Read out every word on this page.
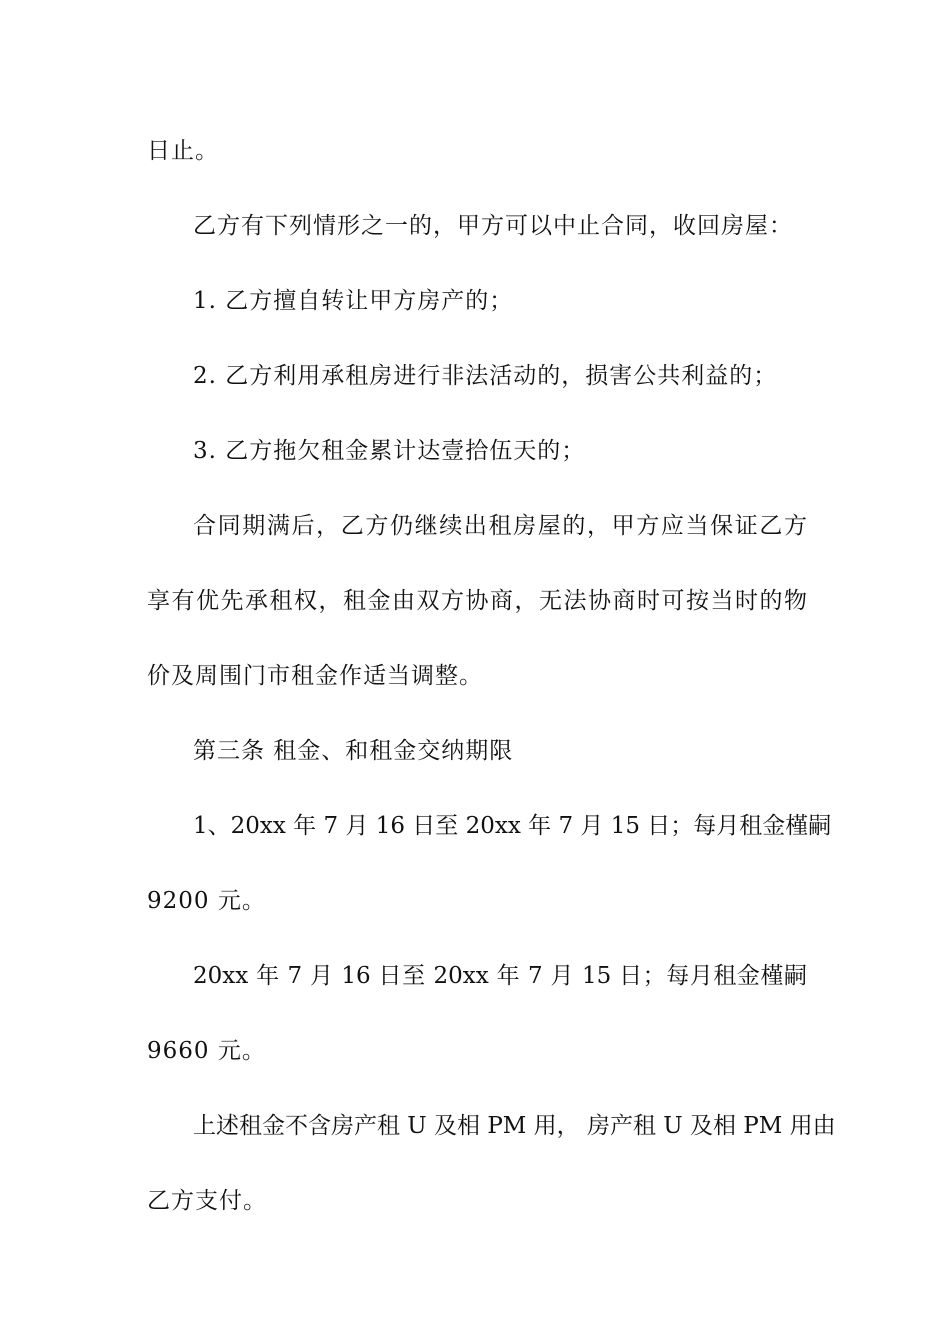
日止。
乙方有下列情形之一的，甲方可以中止合同，收回房屋：
1. 乙方擅自转让甲方房产的；
2. 乙方利用承租房进行非法活动的，损害公共利益的；
3. 乙方拖欠租金累计达壹拾伍天的；
合同期满后，乙方仍继续出租房屋的，甲方应当保证乙方
享有优先承租权，租金由双方协商，无法协商时可按当时的物
价及周围门市租金作适当调整。
第三条 租金、和租金交纳期限
1、20xx 年 7 月 16 日至 20xx 年 7 月 15 日；每月租金槿嗣
9200 元。
20xx 年 7 月 16 日至 20xx 年 7 月 15 日；每月租金槿嗣
9660 元。
上述租金不含房产租 U 及相 PM 用， 房产租 U 及相 PM 用由
乙方支付。
